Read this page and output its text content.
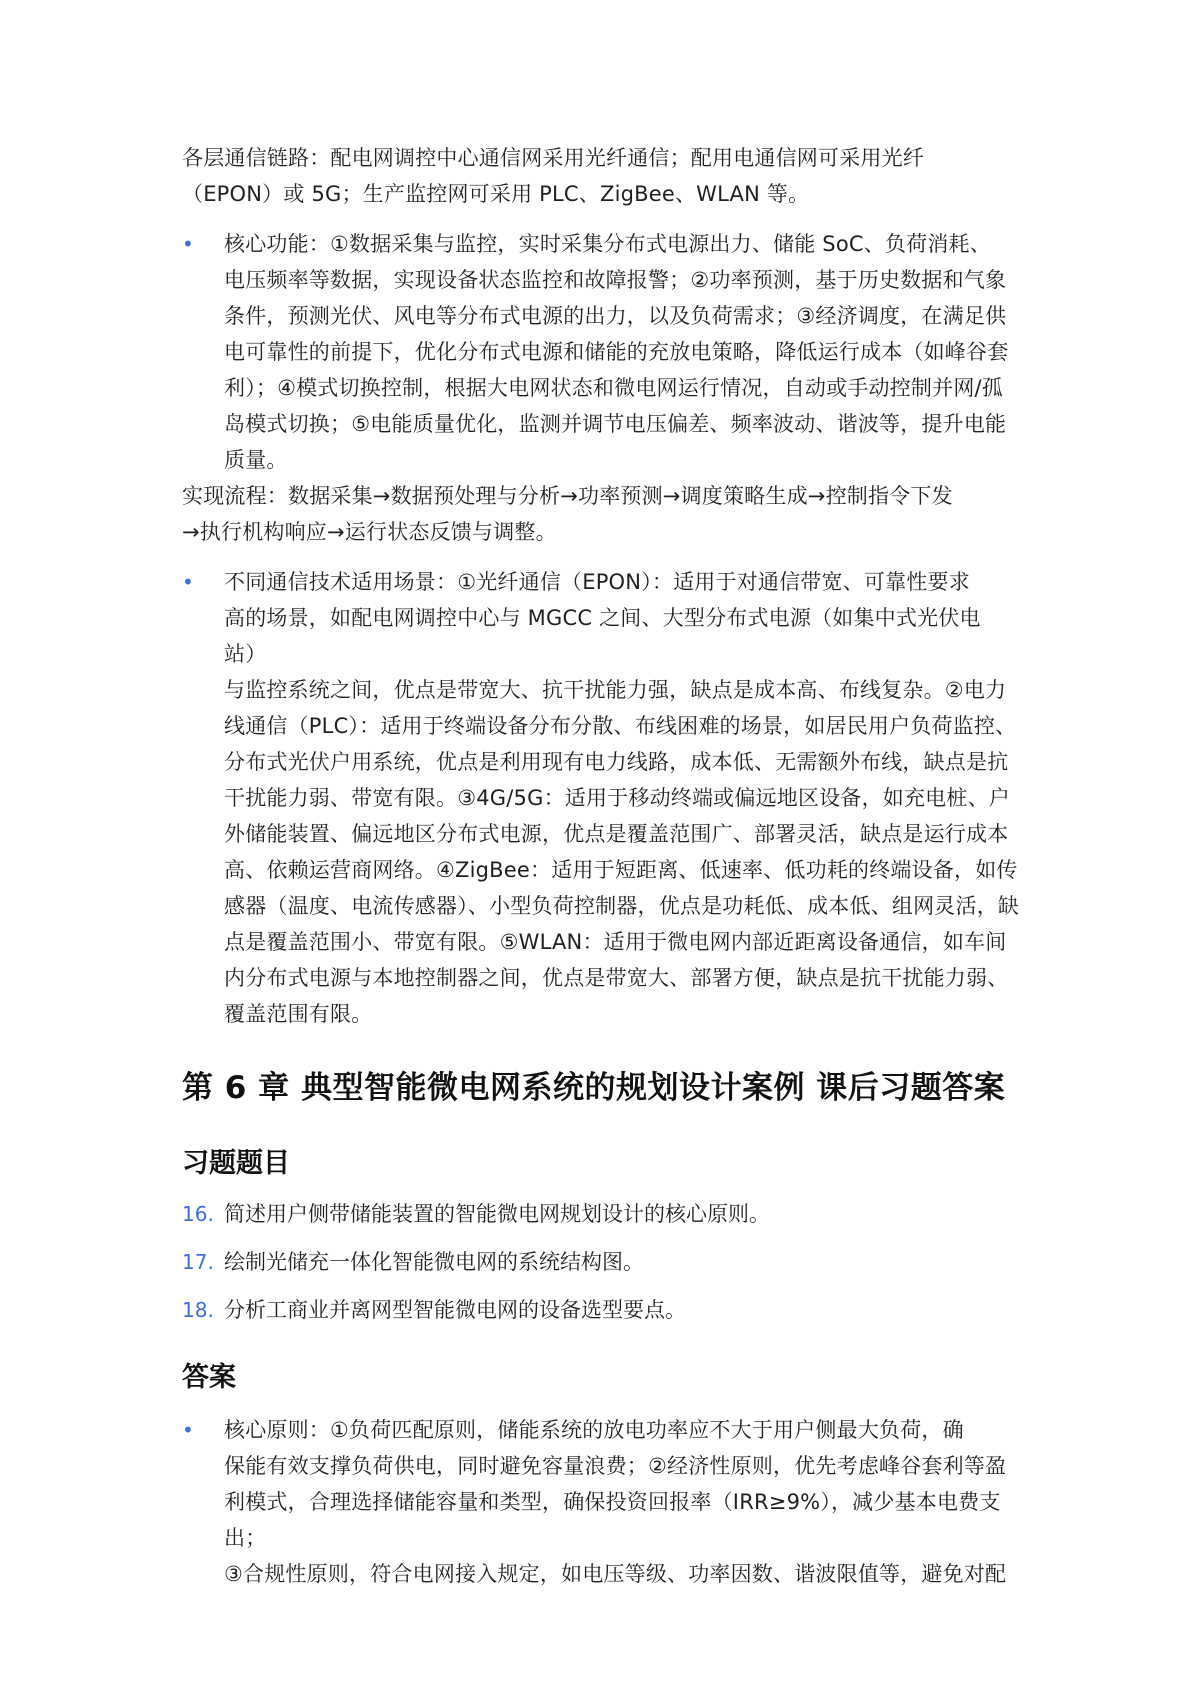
各层通信链路：配电网调控中心通信网采用光纤通信；配用电通信网可采用光纤
（EPON）或 5G；生产监控网可采用 PLC、ZigBee、WLAN 等。

• 核心功能：①数据采集与监控，实时采集分布式电源出力、储能 SoC、负荷消耗、
电压频率等数据，实现设备状态监控和故障报警；②功率预测，基于历史数据和气象
条件，预测光伏、风电等分布式电源的出力，以及负荷需求；③经济调度，在满足供
电可靠性的前提下，优化分布式电源和储能的充放电策略，降低运行成本（如峰谷套
利）；④模式切换控制，根据大电网状态和微电网运行情况，自动或手动控制并网/孤
岛模式切换；⑤电能质量优化，监测并调节电压偏差、频率波动、谐波等，提升电能
质量。

实现流程：数据采集→数据预处理与分析→功率预测→调度策略生成→控制指令下发
→执行机构响应→运行状态反馈与调整。

• 不同通信技术适用场景：①光纤通信（EPON）：适用于对通信带宽、可靠性要求
高的场景，如配电网调控中心与 MGCC 之间、大型分布式电源（如集中式光伏电站）
与监控系统之间，优点是带宽大、抗干扰能力强，缺点是成本高、布线复杂。②电力
线通信（PLC）：适用于终端设备分布分散、布线困难的场景，如居民用户负荷监控、
分布式光伏户用系统，优点是利用现有电力线路，成本低、无需额外布线，缺点是抗
干扰能力弱、带宽有限。③4G/5G：适用于移动终端或偏远地区设备，如充电桩、户
外储能装置、偏远地区分布式电源，优点是覆盖范围广、部署灵活，缺点是运行成本
高、依赖运营商网络。④ZigBee：适用于短距离、低速率、低功耗的终端设备，如传
感器（温度、电流传感器）、小型负荷控制器，优点是功耗低、成本低、组网灵活，缺
点是覆盖范围小、带宽有限。⑤WLAN：适用于微电网内部近距离设备通信，如车间
内分布式电源与本地控制器之间，优点是带宽大、部署方便，缺点是抗干扰能力弱、
覆盖范围有限。

第 6 章 典型智能微电网系统的规划设计案例 课后习题答案
习题题目

16. 简述用户侧带储能装置的智能微电网规划设计的核心原则。

17. 绘制光储充一体化智能微电网的系统结构图。

18. 分析工商业并离网型智能微电网的设备选型要点。

答案

• 核心原则：①负荷匹配原则，储能系统的放电功率应不大于用户侧最大负荷，确
保能有效支撑负荷供电，同时避免容量浪费；②经济性原则，优先考虑峰谷套利等盈
利模式，合理选择储能容量和类型，确保投资回报率（IRR≥9%），减少基本电费支出；
③合规性原则，符合电网接入规定，如电压等级、功率因数、谐波限值等，避免对配
